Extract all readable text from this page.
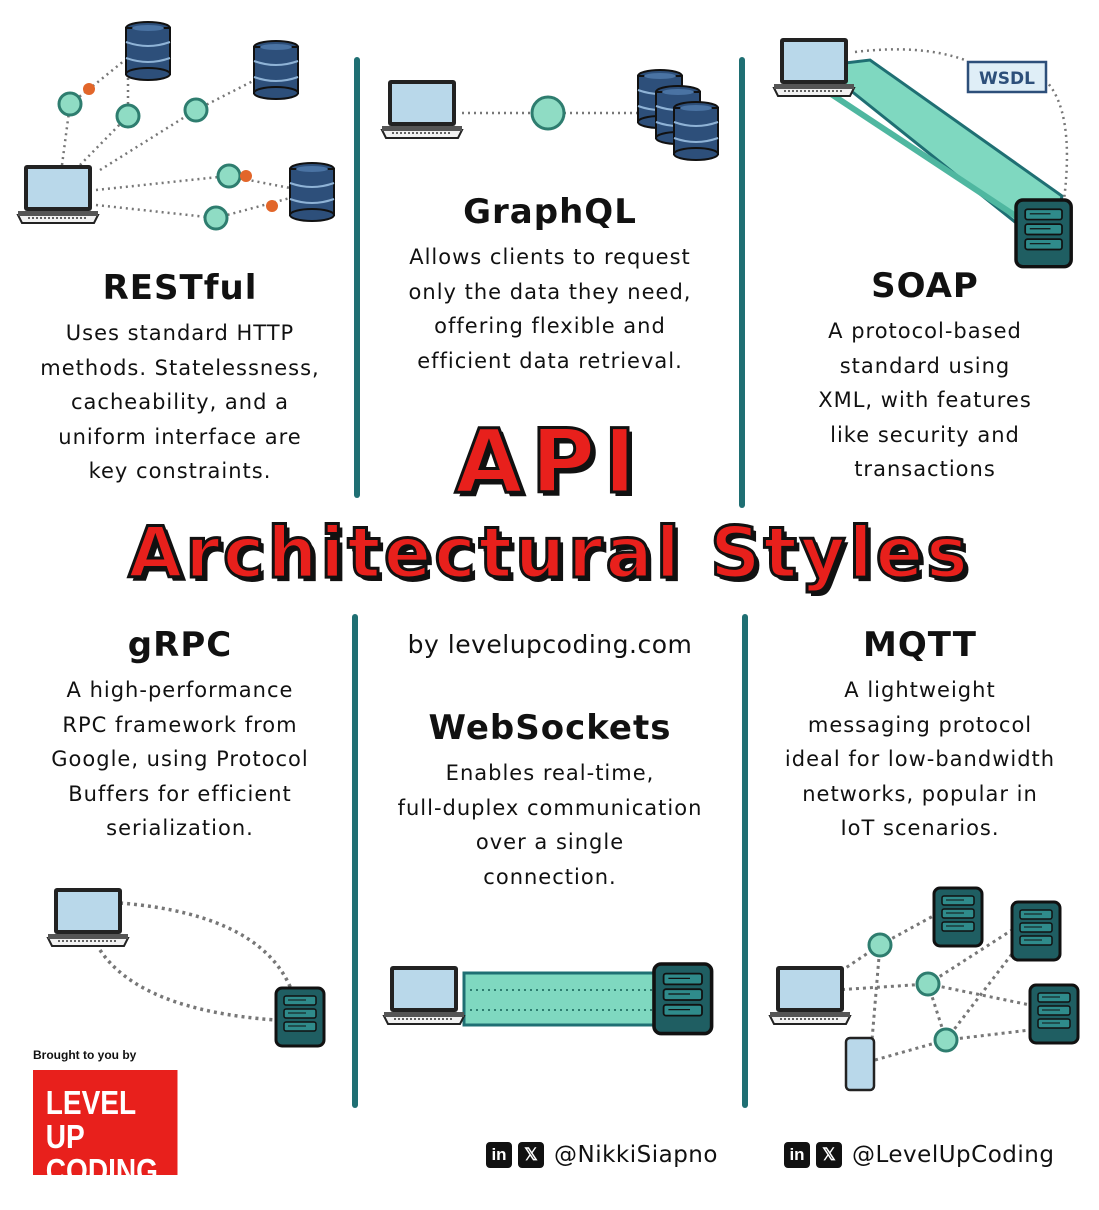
WSDL
API
Architectural Styles
RESTful

Uses standard HTTP
methods. Statelessness,
cacheability, and a
uniform interface are
key constraints.

GraphQL

Allows clients to request
only the data they need,
offering flexible and
efficient data retrieval.

SOAP

A protocol-based
standard using
XML, with features
like security and
transactions

by levelupcoding.com
gRPC

A high-performance
RPC framework from
Google, using Protocol
Buffers for efficient
serialization.

WebSockets

Enables real-time,
full-duplex communication
over a single
connection.

MQTT

A lightweight
messaging protocol
ideal for low-bandwidth
networks, popular in
IoT scenarios.

Brought to you by
LEVEL UP
CODING	in	𝕏 @NikkiSiapno	in	𝕏 @LevelUpCoding
